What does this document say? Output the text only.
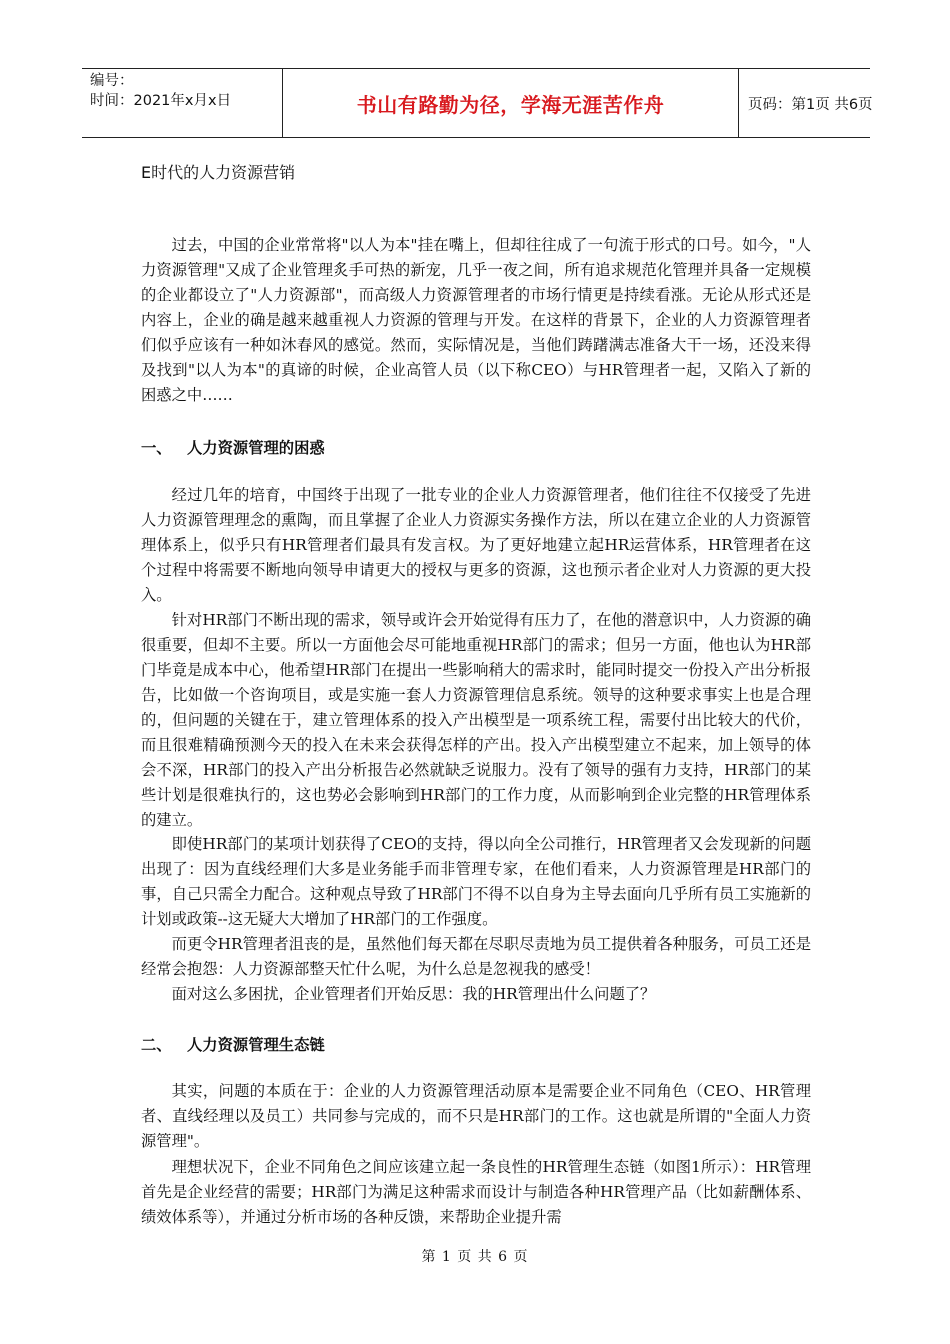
编号：
时间：2021年x月x日	书山有路勤为径，学海无涯苦作舟	页码：第1页 共6页
E时代的人力资源营销

过去，中国的企业常常将"以人为本"挂在嘴上，但却往往成了一句流于形式的口号。如今，"人力资源管理"又成了企业管理炙手可热的新宠，几乎一夜之间，所有追求规范化管理并具备一定规模的企业都设立了"人力资源部"，而高级人力资源管理者的市场行情更是持续看涨。无论从形式还是内容上，企业的确是越来越重视人力资源的管理与开发。在这样的背景下，企业的人力资源管理者们似乎应该有一种如沐春风的感觉。然而，实际情况是，当他们踌躇满志准备大干一场，还没来得及找到"以人为本"的真谛的时候，企业高管人员（以下称CEO）与HR管理者一起，又陷入了新的困惑之中……

一、 人力资源管理的困惑

经过几年的培育，中国终于出现了一批专业的企业人力资源管理者，他们往往不仅接受了先进人力资源管理理念的熏陶，而且掌握了企业人力资源实务操作方法，所以在建立企业的人力资源管理体系上，似乎只有HR管理者们最具有发言权。为了更好地建立起HR运营体系，HR管理者在这个过程中将需要不断地向领导申请更大的授权与更多的资源，这也预示者企业对人力资源的更大投入。

针对HR部门不断出现的需求，领导或许会开始觉得有压力了，在他的潜意识中，人力资源的确很重要，但却不主要。所以一方面他会尽可能地重视HR部门的需求；但另一方面，他也认为HR部门毕竟是成本中心，他希望HR部门在提出一些影响稍大的需求时，能同时提交一份投入产出分析报告，比如做一个咨询项目，或是实施一套人力资源管理信息系统。领导的这种要求事实上也是合理的，但问题的关键在于，建立管理体系的投入产出模型是一项系统工程，需要付出比较大的代价，而且很难精确预测今天的投入在未来会获得怎样的产出。投入产出模型建立不起来，加上领导的体会不深，HR部门的投入产出分析报告必然就缺乏说服力。没有了领导的强有力支持，HR部门的某些计划是很难执行的，这也势必会影响到HR部门的工作力度，从而影响到企业完整的HR管理体系的建立。

即使HR部门的某项计划获得了CEO的支持，得以向全公司推行，HR管理者又会发现新的问题出现了：因为直线经理们大多是业务能手而非管理专家，在他们看来，人力资源管理是HR部门的事，自己只需全力配合。这种观点导致了HR部门不得不以自身为主导去面向几乎所有员工实施新的计划或政策--这无疑大大增加了HR部门的工作强度。

而更令HR管理者沮丧的是，虽然他们每天都在尽职尽责地为员工提供着各种服务，可员工还是经常会抱怨：人力资源部整天忙什么呢，为什么总是忽视我的感受！

面对这么多困扰，企业管理者们开始反思：我的HR管理出什么问题了？

二、 人力资源管理生态链

其实，问题的本质在于：企业的人力资源管理活动原本是需要企业不同角色（CEO、HR管理者、直线经理以及员工）共同参与完成的，而不只是HR部门的工作。这也就是所谓的"全面人力资源管理"。

理想状况下，企业不同角色之间应该建立起一条良性的HR管理生态链（如图1所示）：HR管理首先是企业经营的需要；HR部门为满足这种需求而设计与制造各种HR管理产品（比如薪酬体系、绩效体系等），并通过分析市场的各种反馈，来帮助企业提升需

第 1 页 共 6 页
